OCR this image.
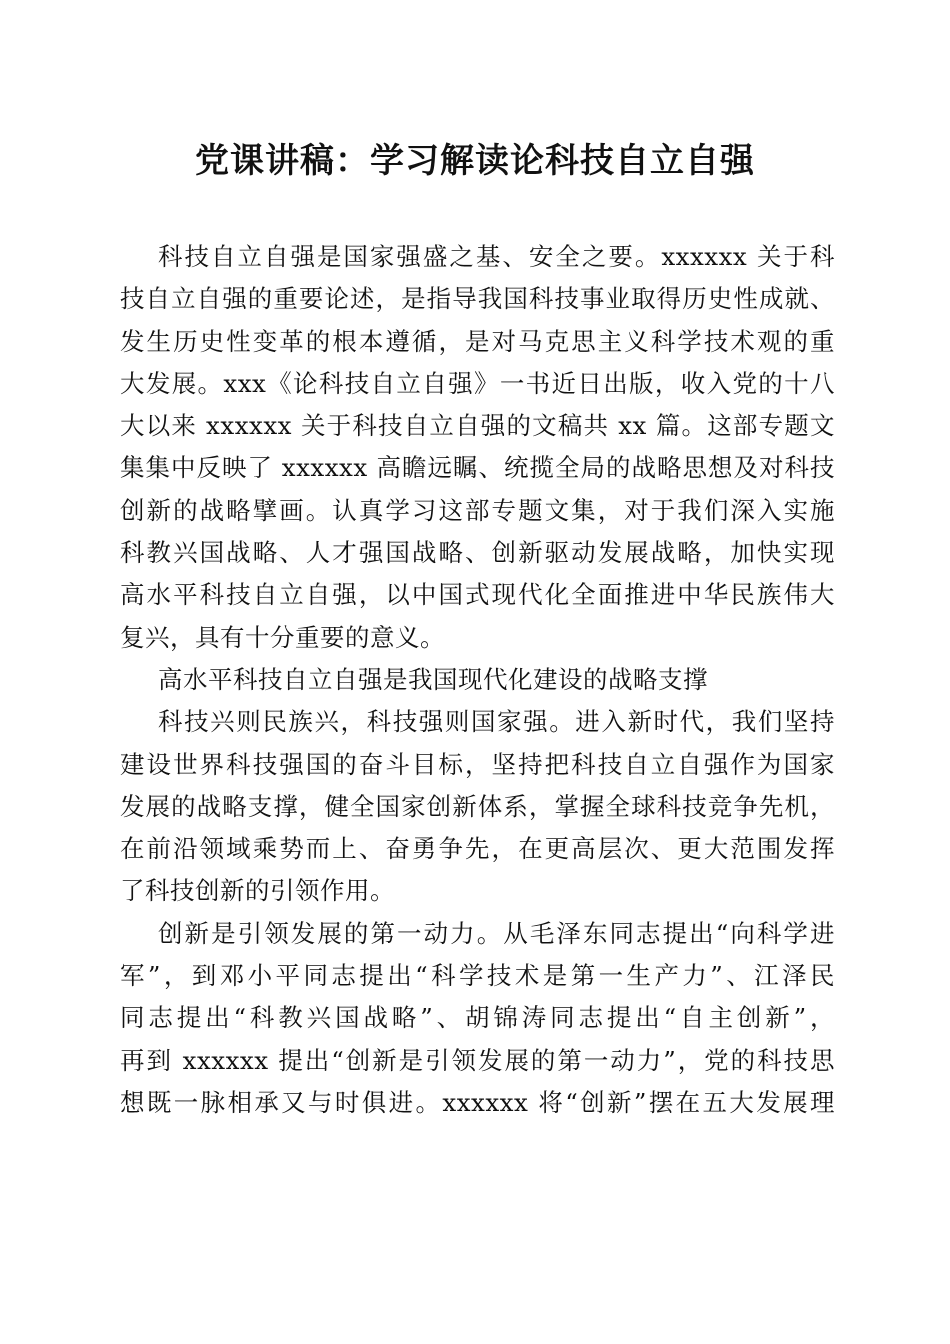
党课讲稿：学习解读论科技自立自强
科技自立自强是国家强盛之基、安全之要。xxxxxx 关于科
技自立自强的重要论述，是指导我国科技事业取得历史性成就、
发生历史性变革的根本遵循，是对马克思主义科学技术观的重
大发展。xxx《论科技自立自强》一书近日出版，收入党的十八
大以来 xxxxxx 关于科技自立自强的文稿共 xx 篇。这部专题文
集集中反映了 xxxxxx 高瞻远瞩、统揽全局的战略思想及对科技
创新的战略擘画。认真学习这部专题文集，对于我们深入实施
科教兴国战略、人才强国战略、创新驱动发展战略，加快实现
高水平科技自立自强，以中国式现代化全面推进中华民族伟大
复兴，具有十分重要的意义。
高水平科技自立自强是我国现代化建设的战略支撑
科技兴则民族兴，科技强则国家强。进入新时代，我们坚持
建设世界科技强国的奋斗目标，坚持把科技自立自强作为国家
发展的战略支撑，健全国家创新体系，掌握全球科技竞争先机，
在前沿领域乘势而上、奋勇争先，在更高层次、更大范围发挥
了科技创新的引领作用。
创新是引领发展的第一动力。从毛泽东同志提出“向科学进
军”，到邓小平同志提出“科学技术是第一生产力”、江泽民
同志提出“科教兴国战略”、胡锦涛同志提出“自主创新”，
再到 xxxxxx 提出“创新是引领发展的第一动力”，党的科技思
想既一脉相承又与时俱进。xxxxxx 将“创新”摆在五大发展理
